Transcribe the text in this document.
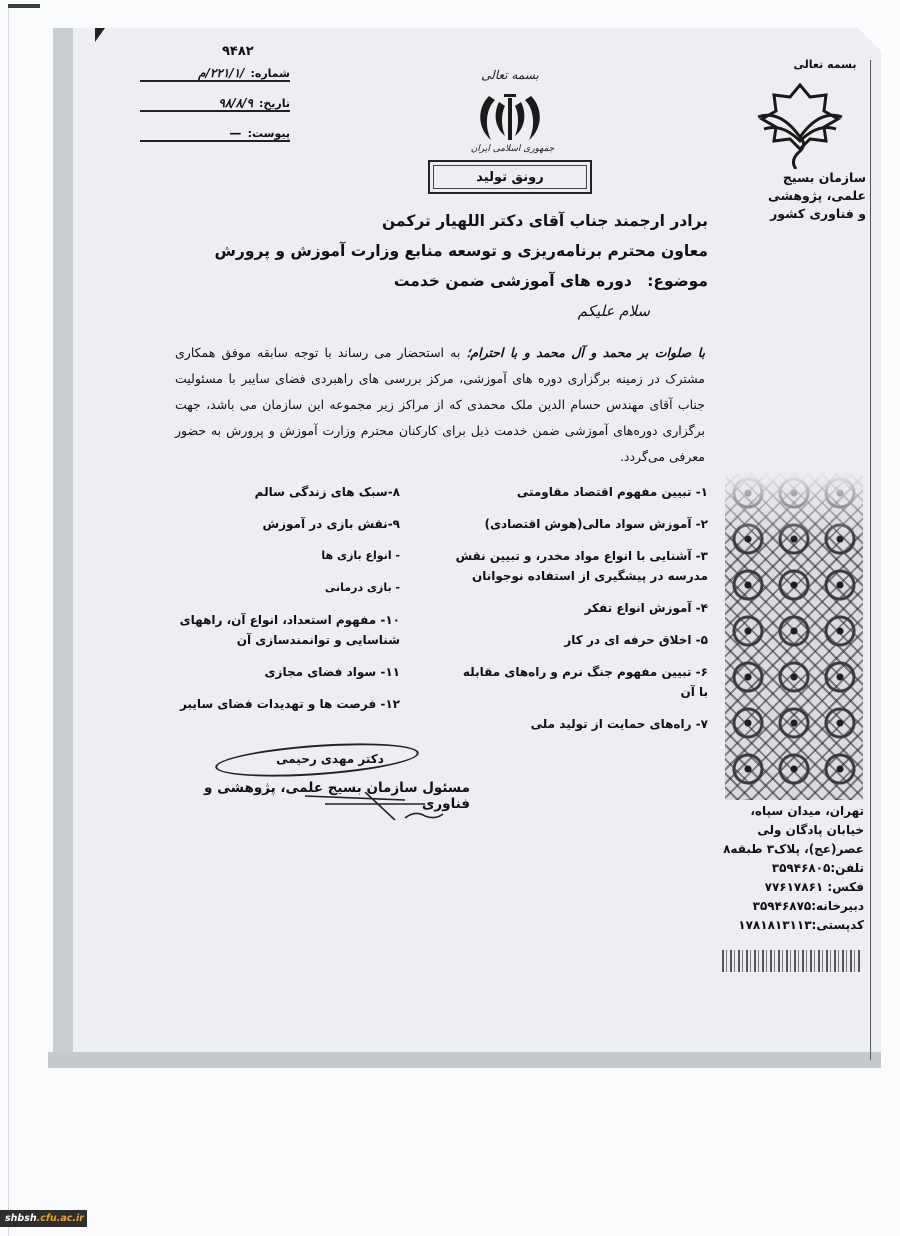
۹۴۸۲
شماره:
/۲۲۱/۱/م
تاریخ:
۹۸/۸/۹
پیوست:
—
بسمه تعالی
جمهوری اسلامی ایران
رونق تولید
بسمه تعالی
سازمان بسیج
علمی، پژوهشی
و فناوری کشور
برادر ارجمند جناب آقای دکتر اللهیار ترکمن
معاون محترم برنامه‌ریزی و توسعه منابع وزارت آموزش و پرورش
موضوع: دوره های آموزشی ضمن خدمت
سلام علیکم
با صلوات بر محمد و آل محمد و با احترام؛ به استحضار می رساند با توجه سابقه موفق همکاری مشترک در زمینه برگزاری دوره های آموزشی، مرکز بررسی های راهبردی فضای سایبر با مسئولیت جناب آقای مهندس حسام الدین ملک محمدی که از مراکز زیر مجموعه این سازمان می باشد، جهت برگزاری دوره‌های آموزشی ضمن خدمت ذیل برای کارکنان محترم وزارت آموزش و پرورش به حضور معرفی می‌گردد.
۱- تبیین مفهوم اقتصاد مقاومتی
۲- آموزش سواد مالی(هوش اقتصادی)
۳- آشنایی با انواع مواد مخدر، و تبیین نقش مدرسه در پیشگیری از استفاده نوجوانان
۴- آموزش انواع تفکر
۵- اخلاق حرفه ای در کار
۶- تبیین مفهوم جنگ نرم و راه‌های مقابله با آن
۷- راه‌های حمایت از تولید ملی
۸-سبک های زندگی سالم
۹-نقش بازی در آموزش
- انواع بازی ها
- بازی درمانی
۱۰- مفهوم استعداد، انواع آن، راههای شناسایی و توانمندسازی آن
۱۱- سواد فضای مجازی
۱۲- فرصت ها و تهدیدات فضای سایبر
دکتر مهدی رحیمی
مسئول سازمان بسیج علمی، پژوهشی و فناوری	تهران، میدان سپاه،
خیابان پادگان ولی
عصر(عج)، پلاک۳ طبقه۸
تلفن:۳۵۹۴۶۸۰۵
فکس: ۷۷۶۱۷۸۶۱
دبیرخانه:۳۵۹۴۶۸۷۵
کدپستی:۱۷۸۱۸۱۳۱۱۳
shbsh .cfu.ac.ir
